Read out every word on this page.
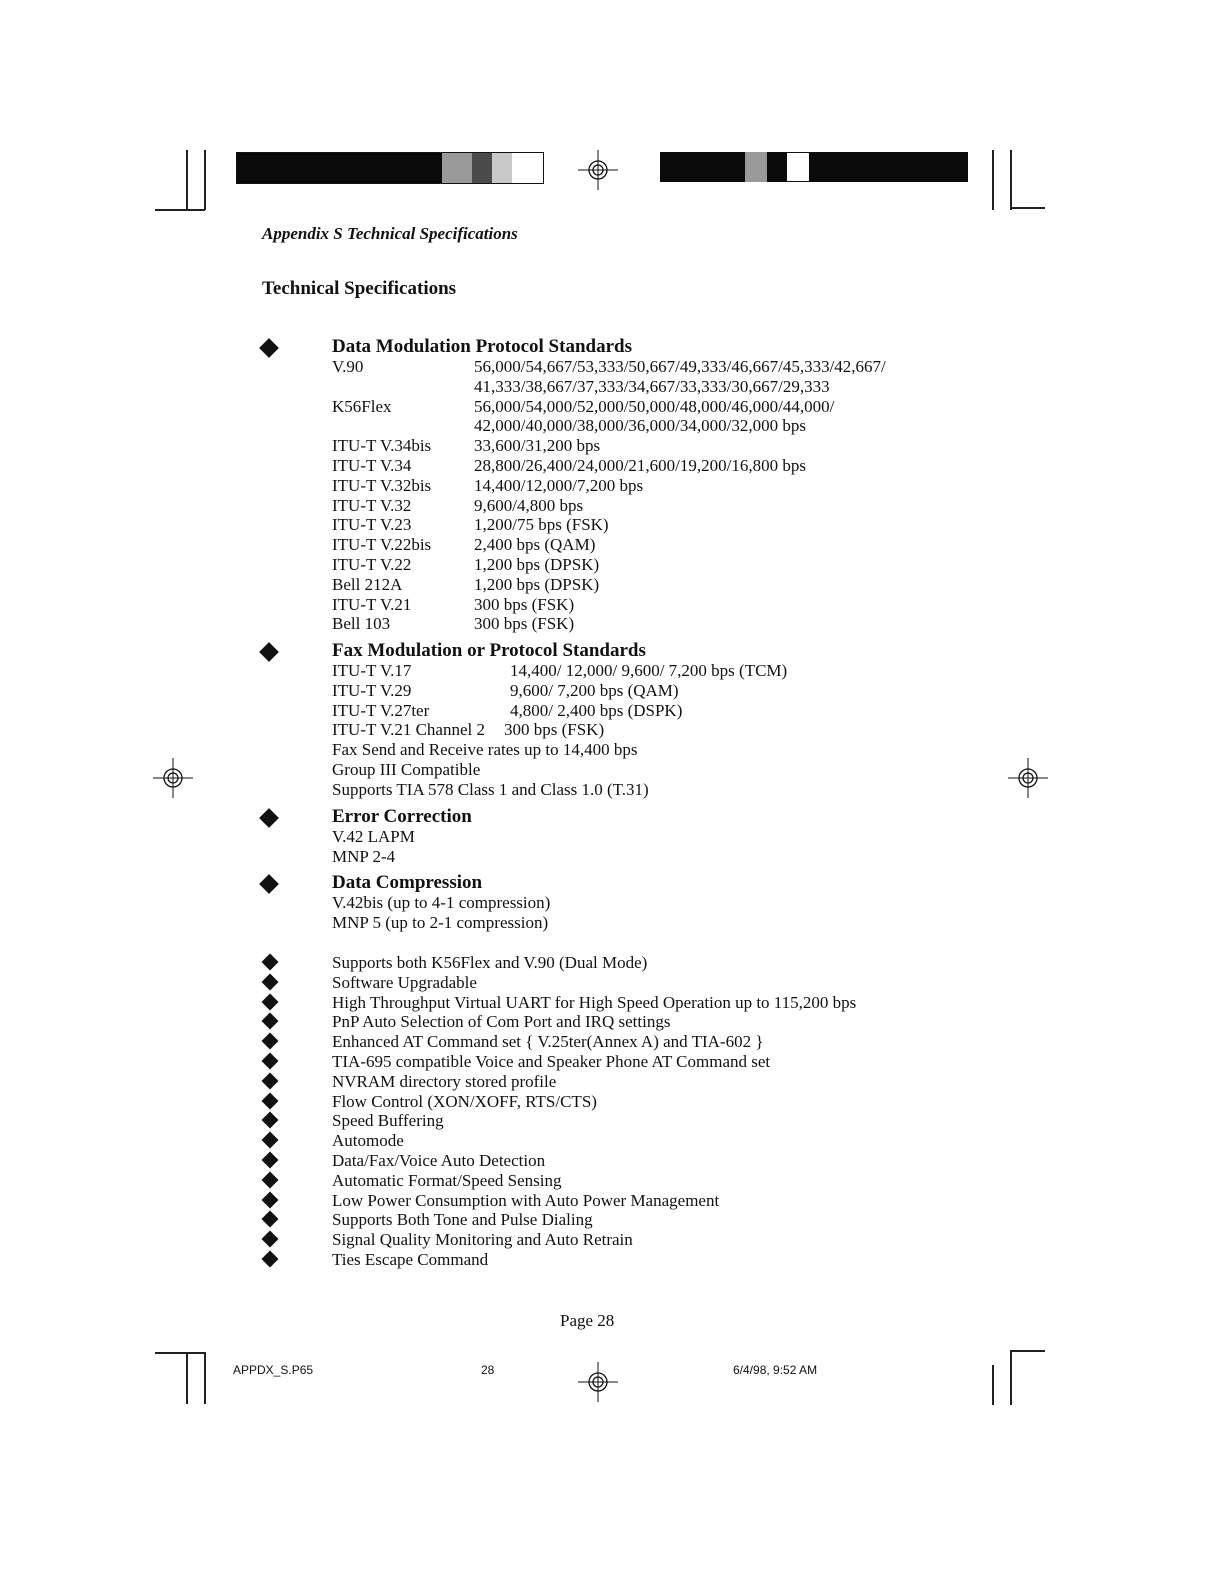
Appendix S Technical Specifications
Technical Specifications
Data Modulation Protocol Standards
V.90	56,000/54,667/53,333/50,667/49,333/46,667/45,333/42,667/
41,333/38,667/37,333/34,667/33,333/30,667/29,333
K56Flex	56,000/54,000/52,000/50,000/48,000/46,000/44,000/
42,000/40,000/38,000/36,000/34,000/32,000 bps
ITU-T V.34bis	33,600/31,200 bps
ITU-T V.34	28,800/26,400/24,000/21,600/19,200/16,800 bps
ITU-T V.32bis	14,400/12,000/7,200 bps
ITU-T V.32	9,600/4,800 bps
ITU-T V.23	1,200/75 bps (FSK)
ITU-T V.22bis	2,400 bps (QAM)
ITU-T V.22	1,200 bps (DPSK)
Bell 212A	1,200 bps (DPSK)
ITU-T V.21	300 bps (FSK)
Bell 103	300 bps (FSK)
Fax Modulation or Protocol Standards
ITU-T V.17	14,400/ 12,000/ 9,600/ 7,200 bps (TCM)
ITU-T V.29	9,600/ 7,200 bps (QAM)
ITU-T V.27ter	4,800/ 2,400 bps (DSPK)
ITU-T V.21 Channel 2	300 bps (FSK)
Fax Send and Receive rates up to 14,400 bps
Group III Compatible
Supports TIA 578 Class 1 and Class 1.0 (T.31)
Error Correction
V.42 LAPM
MNP 2-4
Data Compression
V.42bis (up to 4-1 compression)
MNP 5 (up to 2-1 compression)
Supports both K56Flex and V.90 (Dual Mode)
Software Upgradable
High Throughput Virtual UART for High Speed Operation up to 115,200 bps
PnP Auto Selection of Com Port and IRQ settings
Enhanced AT Command set { V.25ter(Annex A) and TIA-602 }
TIA-695 compatible Voice and Speaker Phone AT Command set
NVRAM directory stored profile
Flow Control (XON/XOFF, RTS/CTS)
Speed Buffering
Automode
Data/Fax/Voice Auto Detection
Automatic Format/Speed Sensing
Low Power Consumption with Auto Power Management
Supports Both Tone and Pulse Dialing
Signal Quality Monitoring and Auto Retrain
Ties Escape Command
Page 28
APPDX_S.P65	28	6/4/98, 9:52 AM
